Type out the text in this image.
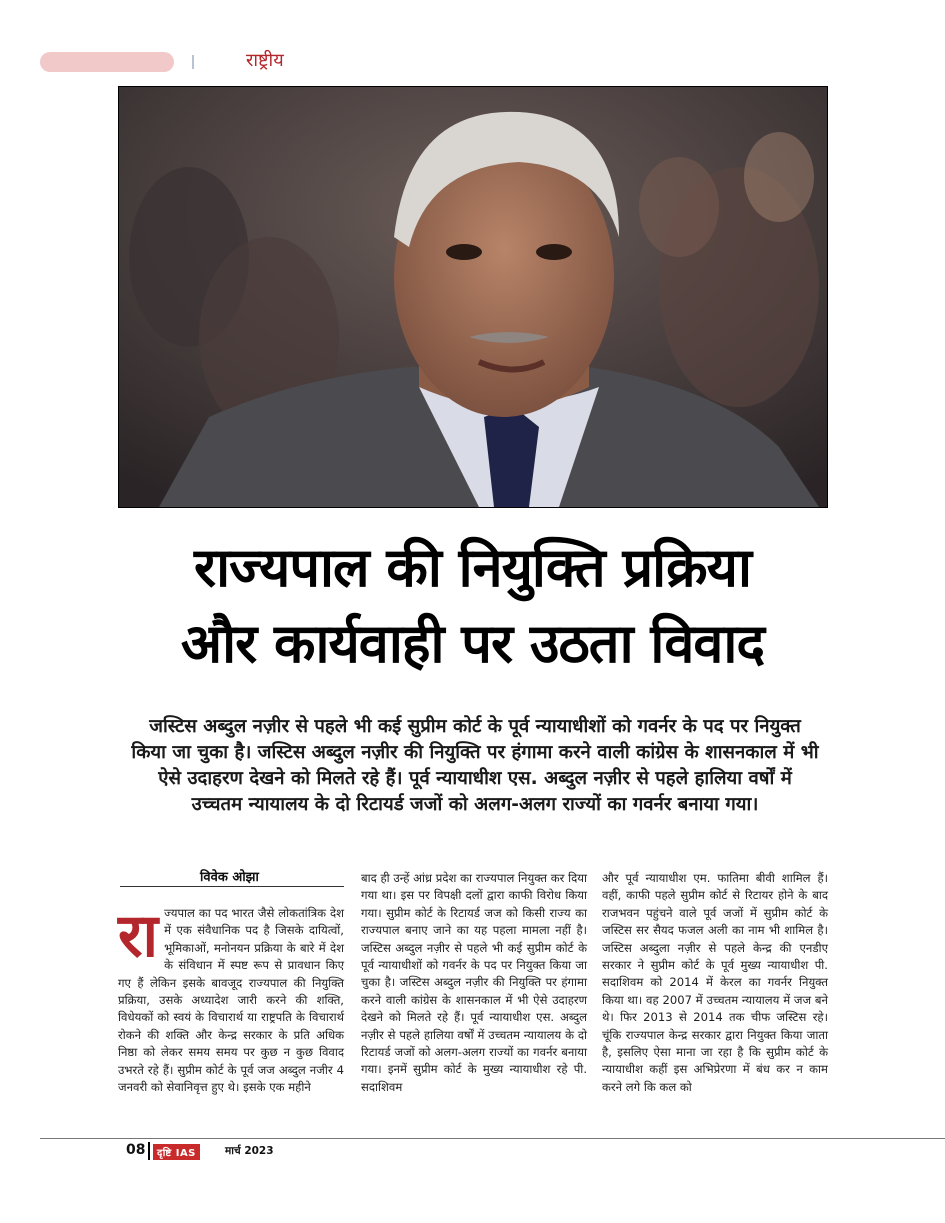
राष्ट्रीय
राज्यपाल की नियुक्ति प्रक्रिया
और कार्यवाही पर उठता विवाद
जस्टिस अब्दुल नज़ीर से पहले भी कई सुप्रीम कोर्ट के पूर्व न्यायाधीशों को गवर्नर के पद पर नियुक्त किया जा चुका है। जस्टिस अब्दुल नज़ीर की नियुक्ति पर हंगामा करने वाली कांग्रेस के शासनकाल में भी ऐसे उदाहरण देखने को मिलते रहे हैं। पूर्व न्यायाधीश एस. अब्दुल नज़ीर से पहले हालिया वर्षों में उच्चतम न्यायालय के दो रिटायर्ड जजों को अलग-अलग राज्यों का गवर्नर बनाया गया।
विवेक ओझा
रा ज्यपाल का पद भारत जैसे लोकतांत्रिक देश में एक संवैधानिक पद है जिसके दायित्वों, भूमिकाओं, मनोनयन प्रक्रिया के बारे में देश के संविधान में स्पष्ट रूप से प्रावधान किए गए हैं लेकिन इसके बावजूद राज्यपाल की नियुक्ति प्रक्रिया, उसके अध्यादेश जारी करने की शक्ति, विधेयकों को स्वयं के विचारार्थ या राष्ट्रपति के विचारार्थ रोकने की शक्ति और केन्द्र सरकार के प्रति अधिक निष्ठा को लेकर समय समय पर कुछ न कुछ विवाद उभरते रहे हैं। सुप्रीम कोर्ट के पूर्व जज अब्दुल नजीर 4 जनवरी को सेवानिवृत्त हुए थे। इसके एक महीने
बाद ही उन्हें आंध्र प्रदेश का राज्यपाल नियुक्त कर दिया गया था। इस पर विपक्षी दलों द्वारा काफी विरोध किया गया। सुप्रीम कोर्ट के रिटायर्ड जज को किसी राज्य का राज्यपाल बनाए जाने का यह पहला मामला नहीं है। जस्टिस अब्दुल नज़ीर से पहले भी कई सुप्रीम कोर्ट के पूर्व न्यायाधीशों को गवर्नर के पद पर नियुक्त किया जा चुका है। जस्टिस अब्दुल नज़ीर की नियुक्ति पर हंगामा करने वाली कांग्रेस के शासनकाल में भी ऐसे उदाहरण देखने को मिलते रहे हैं। पूर्व न्यायाधीश एस. अब्दुल नज़ीर से पहले हालिया वर्षों में उच्चतम न्यायालय के दो रिटायर्ड जजों को अलग-अलग राज्यों का गवर्नर बनाया गया। इनमें सुप्रीम कोर्ट के मुख्य न्यायाधीश रहे पी. सदाशिवम
और पूर्व न्यायाधीश एम. फातिमा बीवी शामिल हैं। वहीं, काफी पहले सुप्रीम कोर्ट से रिटायर होने के बाद राजभवन पहुंचने वाले पूर्व जजों में सुप्रीम कोर्ट के जस्टिस सर सैयद फजल अली का नाम भी शामिल है। जस्टिस अब्दुला नज़ीर से पहले केन्द्र की एनडीए सरकार ने सुप्रीम कोर्ट के पूर्व मुख्य न्यायाधीश पी. सदाशिवम को 2014 में केरल का गवर्नर नियुक्त किया था। वह 2007 में उच्चतम न्यायालय में जज बने थे। फिर 2013 से 2014 तक चीफ जस्टिस रहे। चूंकि राज्यपाल केन्द्र सरकार द्वारा नियुक्त किया जाता है, इसलिए ऐसा माना जा रहा है कि सुप्रीम कोर्ट के न्यायाधीश कहीं इस अभिप्रेरणा में बंध कर न काम करने लगे कि कल को
08	दृष्टि IAS	मार्च 2023
